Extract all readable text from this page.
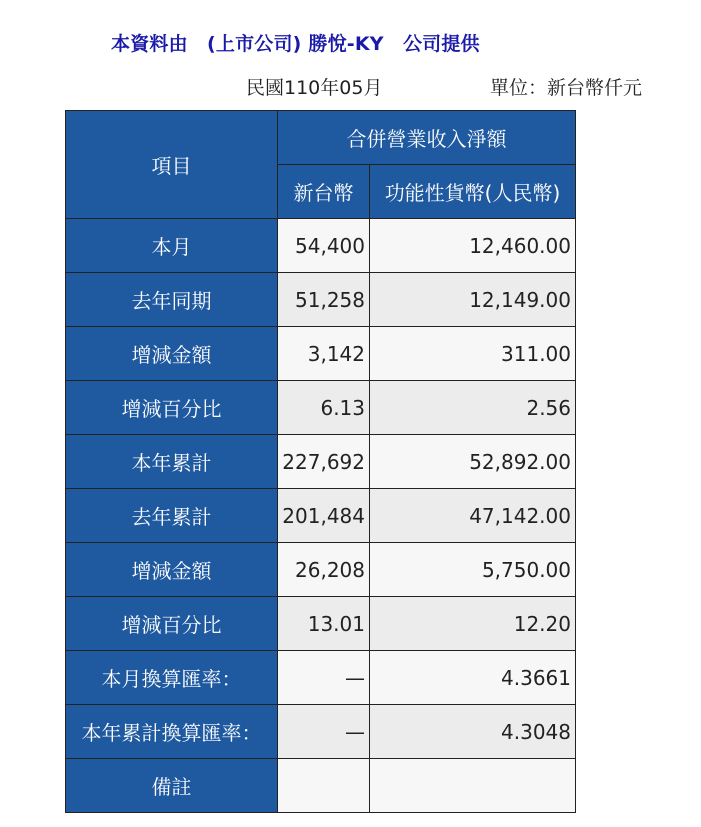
本資料由　(上市公司) 勝悅-KY　公司提供
民國110年05月	單位：新台幣仟元
項目	合併營業收入淨額	
	新台幣	功能性貨幣(人民幣)
本月	54,400	12,460.00
去年同期	51,258	12,149.00
增減金額	3,142	311.00
增減百分比	6.13	2.56
本年累計	227,692	52,892.00
去年累計	201,484	47,142.00
增減金額	26,208	5,750.00
增減百分比	13.01	12.20
本月換算匯率：	—	4.3661
本年累計換算匯率：	—	4.3048
備註		
